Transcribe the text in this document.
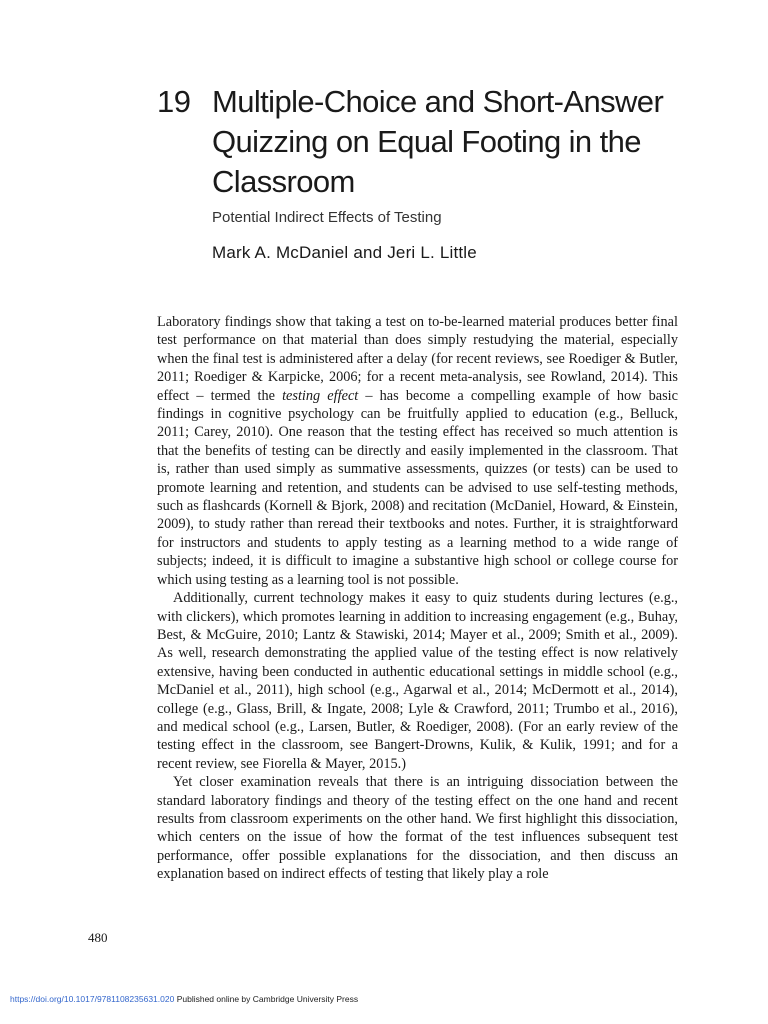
19 Multiple-Choice and Short-Answer Quizzing on Equal Footing in the Classroom
Potential Indirect Effects of Testing
Mark A. McDaniel and Jeri L. Little

Laboratory findings show that taking a test on to-be-learned material produces better final test performance on that material than does simply restudying the material, especially when the final test is administered after a delay (for recent reviews, see Roediger & Butler, 2011; Roediger & Karpicke, 2006; for a recent meta-analysis, see Rowland, 2014). This effect – termed the testing effect – has become a compelling example of how basic findings in cognitive psychology can be fruitfully applied to education (e.g., Belluck, 2011; Carey, 2010). One reason that the testing effect has received so much attention is that the benefits of testing can be directly and easily implemented in the classroom. That is, rather than used simply as summative assessments, quizzes (or tests) can be used to promote learning and retention, and students can be advised to use self-testing methods, such as flashcards (Kornell & Bjork, 2008) and recitation (McDaniel, Howard, & Einstein, 2009), to study rather than reread their textbooks and notes. Further, it is straightforward for instructors and students to apply testing as a learning method to a wide range of subjects; indeed, it is difficult to imagine a substantive high school or college course for which using testing as a learning tool is not possible.

Additionally, current technology makes it easy to quiz students during lectures (e.g., with clickers), which promotes learning in addition to increasing engagement (e.g., Buhay, Best, & McGuire, 2010; Lantz & Stawiski, 2014; Mayer et al., 2009; Smith et al., 2009). As well, research demonstrating the applied value of the testing effect is now relatively extensive, having been conducted in authentic educational settings in middle school (e.g., McDaniel et al., 2011), high school (e.g., Agarwal et al., 2014; McDermott et al., 2014), college (e.g., Glass, Brill, & Ingate, 2008; Lyle & Crawford, 2011; Trumbo et al., 2016), and medical school (e.g., Larsen, Butler, & Roediger, 2008). (For an early review of the testing effect in the classroom, see Bangert-Drowns, Kulik, & Kulik, 1991; and for a recent review, see Fiorella & Mayer, 2015.)

Yet closer examination reveals that there is an intriguing dissociation between the standard laboratory findings and theory of the testing effect on the one hand and recent results from classroom experiments on the other hand. We first highlight this dissociation, which centers on the issue of how the format of the test influences subsequent test performance, offer possible explanations for the dissociation, and then discuss an explanation based on indirect effects of testing that likely play a role

480
https://doi.org/10.1017/9781108235631.020 Published online by Cambridge University Press
